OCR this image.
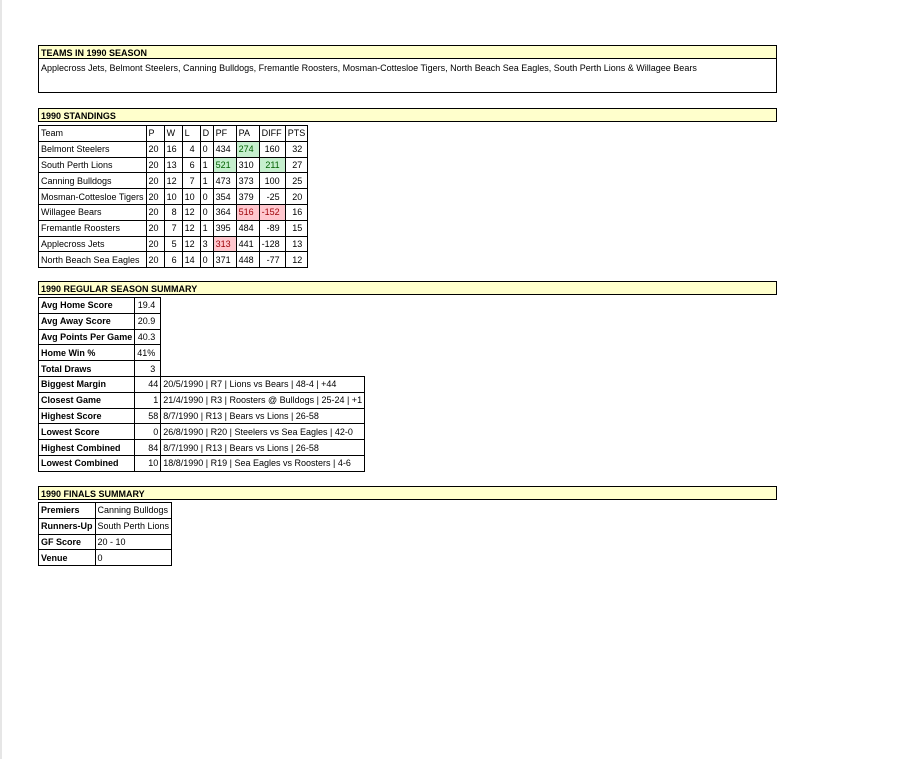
TEAMS IN 1990 SEASON
Applecross Jets, Belmont Steelers, Canning Bulldogs, Fremantle Roosters, Mosman-Cottesloe Tigers, North Beach Sea Eagles, South Perth Lions & Willagee Bears
1990 STANDINGS
Team	P	W	L	D	PF	PA	DIFF	PTS
Belmont Steelers	20	16	4	0	434	274	160	32
South Perth Lions	20	13	6	1	521	310	211	27
Canning Bulldogs	20	12	7	1	473	373	100	25
Mosman-Cottesloe Tigers	20	10	10	0	354	379	-25	20
Willagee Bears	20	8	12	0	364	516	-152	16
Fremantle Roosters	20	7	12	1	395	484	-89	15
Applecross Jets	20	5	12	3	313	441	-128	13
North Beach Sea Eagles	20	6	14	0	371	448	-77	12
1990 REGULAR SEASON SUMMARY
Avg Home Score	19.4	
Avg Away Score	20.9	
Avg Points Per Game	40.3	
Home Win %	41%	
Total Draws	3	
Biggest Margin	44	20/5/1990 | R7 | Lions vs Bears | 48-4 | +44
Closest Game	1	21/4/1990 | R3 | Roosters @ Bulldogs | 25-24 | +1
Highest Score	58	8/7/1990 | R13 | Bears vs Lions | 26-58
Lowest Score	0	26/8/1990 | R20 | Steelers vs Sea Eagles | 42-0
Highest Combined	84	8/7/1990 | R13 | Bears vs Lions | 26-58
Lowest Combined	10	18/8/1990 | R19 | Sea Eagles vs Roosters | 4-6
1990 FINALS SUMMARY
Premiers	Canning Bulldogs
Runners-Up	South Perth Lions
GF Score	20 - 10
Venue	0
